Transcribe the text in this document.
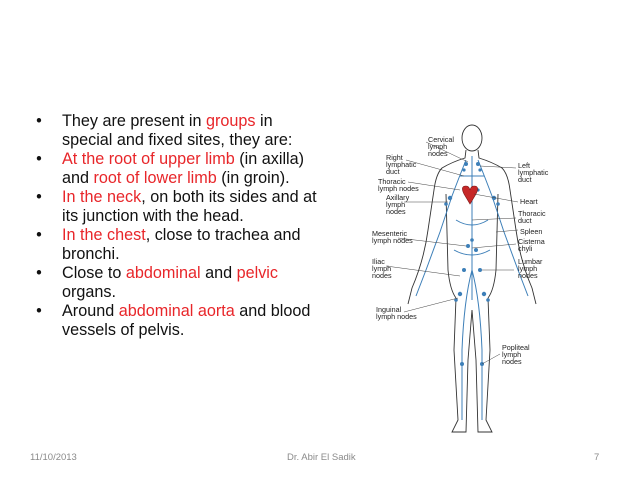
• They are present in groups in special and fixed sites, they are:
• At the root of upper limb (in axilla) and root of lower limb (in groin).
• In the neck, on both its sides and at its junction with the head.
• In the chest, close to trachea and bronchi.
• Close to abdominal and pelvic organs.
• Around abdominal aorta and blood vessels of pelvis.
Cervical
lymph
nodes
Right
lymphatic
duct
Thoracic
lymph nodes
Axillary
lymph
nodes
Mesenteric
lymph nodes
Iliac
lymph
nodes
Inguinal
lymph nodes
Left
lymphatic
duct
Heart
Thoracic
duct
Spleen
Cisterna
chyli
Lumbar
lymph
nodes
Popliteal
lymph
nodes
11/10/2013	Dr. Abir El Sadik	7
